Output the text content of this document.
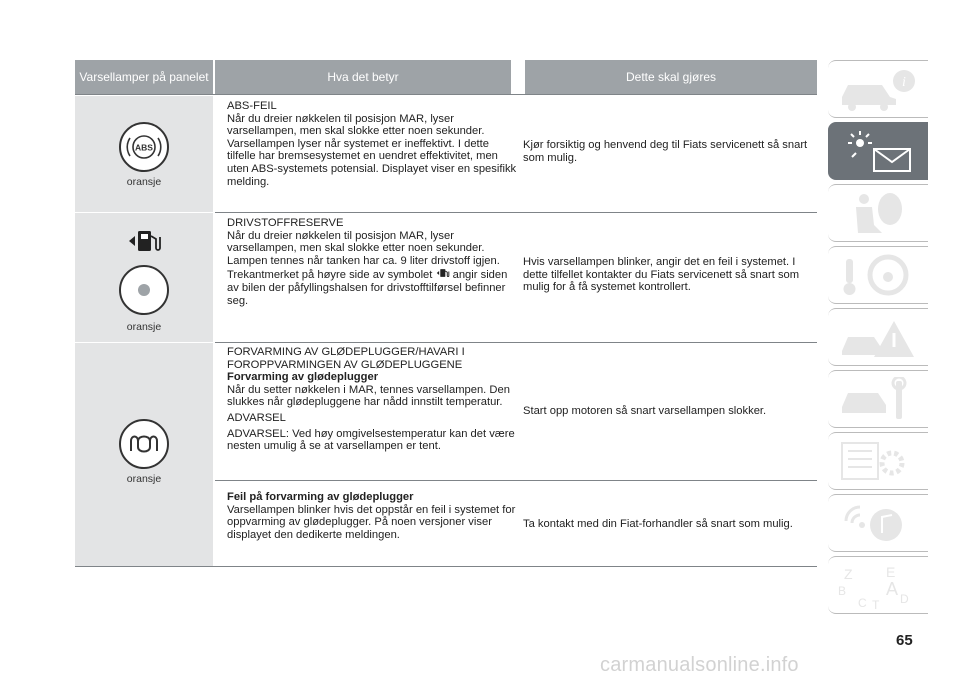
Varsellamper på panelet	Hva det betyr	Dette skal gjøres
ABS
oransje
ABS-FEIL
Når du dreier nøkkelen til posisjon MAR, lyser varsellampen, men skal slokke etter noen sekunder. Varsellampen lyser når systemet er ineffektivt. I dette tilfelle har bremsesystemet en uendret effektivitet, men uten ABS-systemets potensial. Displayet viser en spesifikk melding.
Kjør forsiktig og henvend deg til Fiats servicenett så snart som mulig.
oransje
DRIVSTOFFRESERVE
Når du dreier nøkkelen til posisjon MAR, lyser varsellampen, men skal slokke etter noen sekunder. Lampen tennes når tanken har ca. 9 liter drivstoff igjen.
Trekantmerket på høyre side av symbolet angir siden av bilen der påfyllingshalsen for drivstofftilførsel befinner seg.
Hvis varsellampen blinker, angir det en feil i systemet. I dette tilfellet kontakter du Fiats servicenett så snart som mulig for å få systemet kontrollert.
oransje
FORVARMING AV GLØDEPLUGGER/HAVARI I
FOROPPVARMINGEN AV GLØDEPLUGGENE
Forvarming av glødeplugger
Når du setter nøkkelen i MAR, tennes varsellampen. Den slukkes når glødepluggene har nådd innstilt temperatur.
ADVARSEL
ADVARSEL: Ved høy omgivelsestemperatur kan det være nesten umulig å se at varsellampen er tent.
Start opp motoren så snart varsellampen slokker.
Feil på forvarming av glødeplugger
Varsellampen blinker hvis det oppstår en feil i systemet for oppvarming av glødeplugger. På noen versjoner viser displayet den dedikerte meldingen.
Ta kontakt med din Fiat-forhandler så snart som mulig.
i
Z E
B A
C T D
65
carmanualsonline.info
